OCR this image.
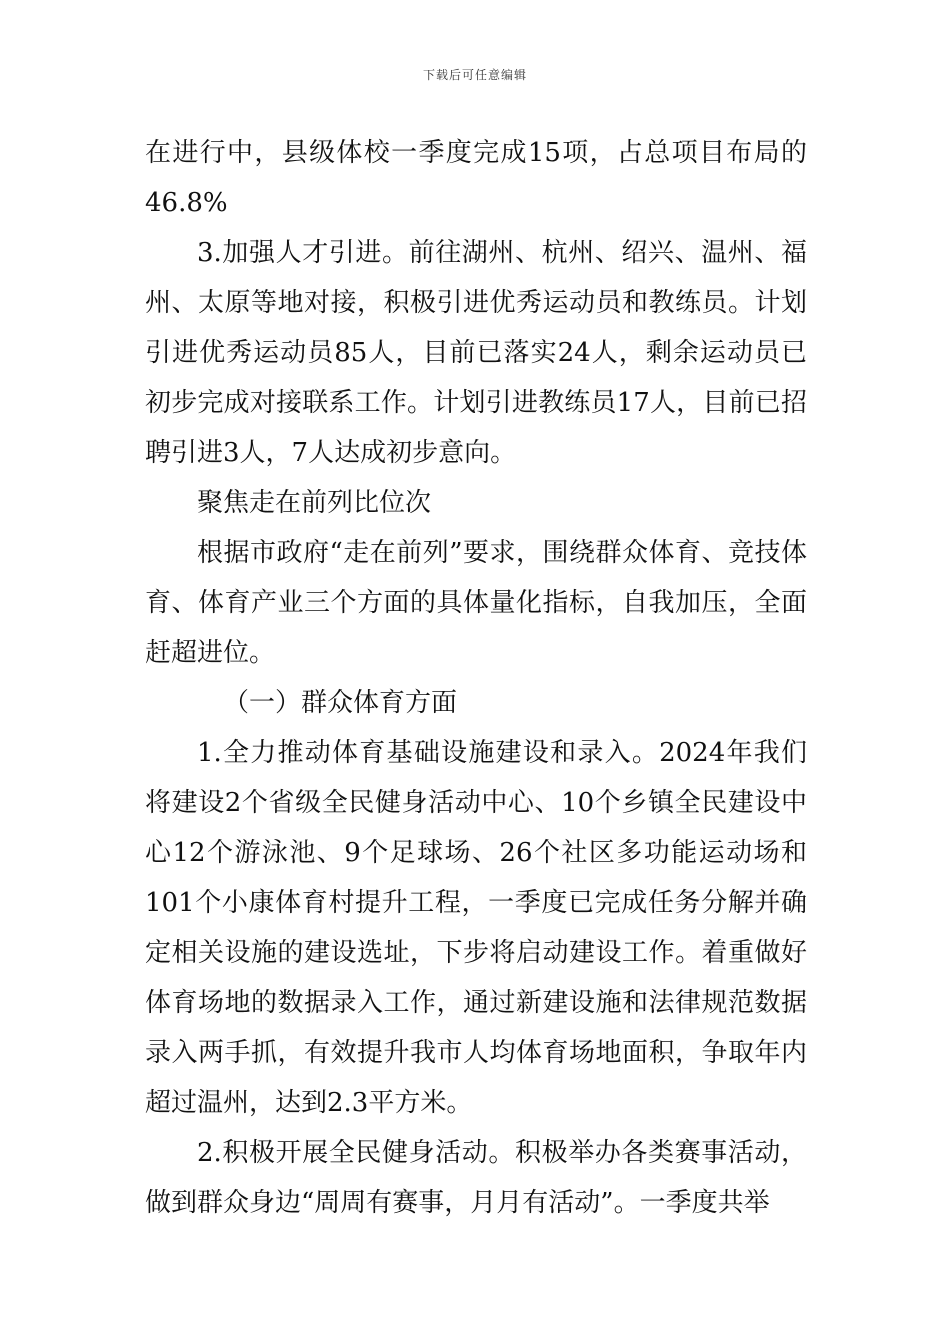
下载后可任意编辑

在进行中，县级体校一季度完成15项，占总项目布局的46.8%

3.加强人才引进。前往湖州、杭州、绍兴、温州、福州、太原等地对接，积极引进优秀运动员和教练员。计划引进优秀运动员85人，目前已落实24人，剩余运动员已初步完成对接联系工作。计划引进教练员17人，目前已招聘引进3人，7人达成初步意向。

聚焦走在前列比位次

根据市政府“走在前列”要求，围绕群众体育、竞技体育、体育产业三个方面的具体量化指标，自我加压，全面赶超进位。

（一）群众体育方面

1.全力推动体育基础设施建设和录入。2024年我们将建设2个省级全民健身活动中心、10个乡镇全民建设中心12个游泳池、9个足球场、26个社区多功能运动场和101个小康体育村提升工程，一季度已完成任务分解并确定相关设施的建设选址，下步将启动建设工作。着重做好体育场地的数据录入工作，通过新建设施和法律规范数据录入两手抓，有效提升我市人均体育场地面积，争取年内超过温州，达到2.3平方米。

2.积极开展全民健身活动。积极举办各类赛事活动，做到群众身边“周周有赛事，月月有活动”。一季度共举
